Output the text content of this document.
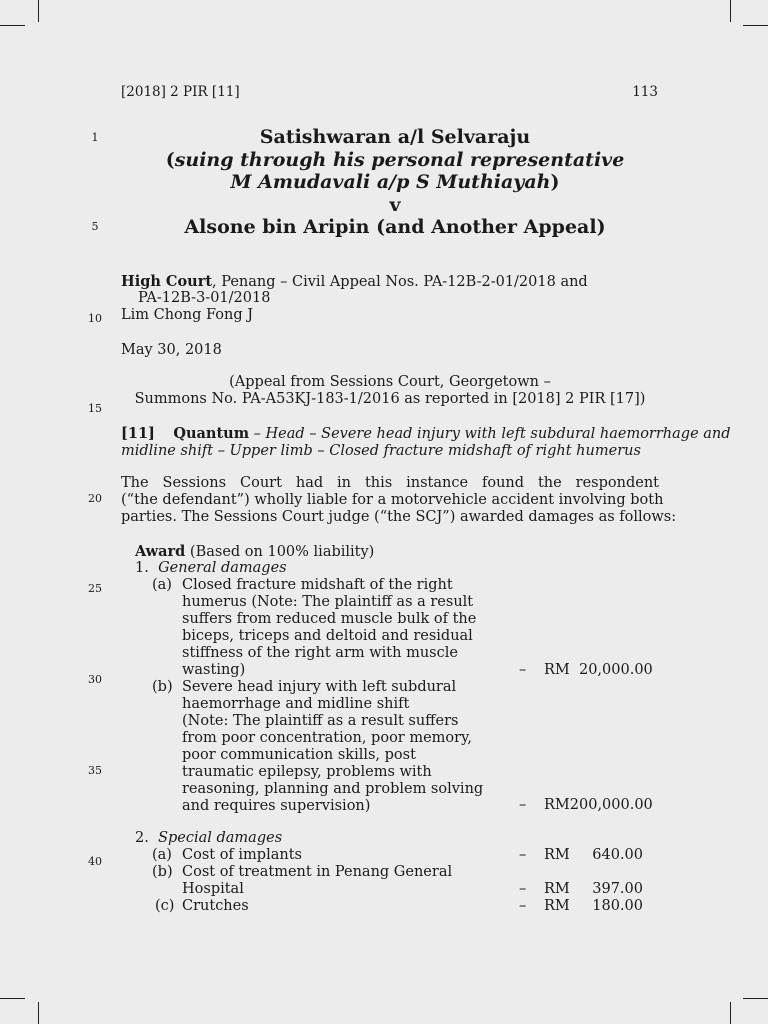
[2018] 2 PIR [11]	113
1
5
10
15
20
25
30
35
40
Satishwaran a/l Selvaraju
(suing through his personal representative
M Amudavali a/p S Muthiayah)
v
Alsone bin Aripin (and Another Appeal)
High Court, Penang – Civil Appeal Nos. PA-12B-2-01/2018 and
PA-12B-3-01/2018
Lim Chong Fong J
May 30, 2018
(Appeal from Sessions Court, Georgetown –
Summons No. PA-A53KJ-183-1/2016 as reported in [2018] 2 PIR [17])
[11] Quantum – Head – Severe head injury with left subdural haemorrhage and
midline shift – Upper limb – Closed fracture midshaft of right humerus
The Sessions Court had in this instance found the respondent
(“the defendant”) wholly liable for a motorvehicle accident involving both
parties. The Sessions Court judge (“the SCJ”) awarded damages as follows:
Award (Based on 100% liability)
1. General damages
(a) Closed fracture midshaft of the right
humerus (Note: The plaintiff as a result
suffers from reduced muscle bulk of the
biceps, triceps and deltoid and residual
stiffness of the right arm with muscle
wasting)	– RM  20,000.00
(b) Severe head injury with left subdural
haemorrhage and midline shift
(Note: The plaintiff as a result suffers
from poor concentration, poor memory,
poor communication skills, post
traumatic epilepsy, problems with
reasoning, planning and problem solving
and requires supervision)	– RM200,000.00
2. Special damages
(a) Cost of implants	– RM 640.00
(b) Cost of treatment in Penang General
Hospital	– RM 397.00
(c) Crutches	– RM 180.00
